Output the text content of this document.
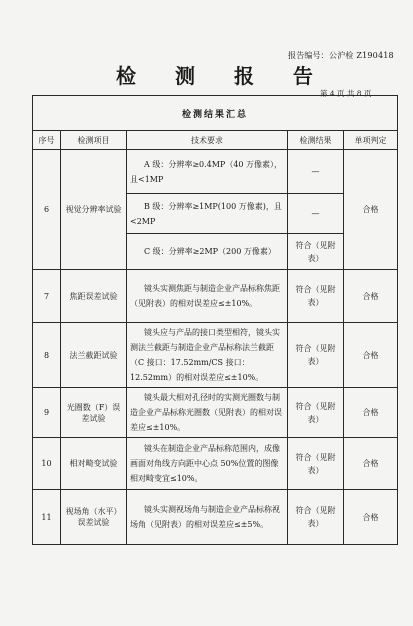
报告编号：公沪检 Z190418
检 测 报 告
第 4 页 共 8 页
检测结果汇总				
序号	检测项目	技术要求	检测结果	单项判定
6	视觉分辨率试验	A 级：分辨率≥0.4MP（40 万像素），且<1MP	—	合格
		B 级：分辨率≥1MP(100 万像素)，且<2MP	—	
		C 级：分辨率≥2MP（200 万像素）	符合（见附表）	
7	焦距误差试验	镜头实测焦距与制造企业产品标称焦距（见附表）的相对误差应≤±10%。	符合（见附表）	合格
8	法兰截距试验	镜头应与产品的接口类型相符，镜头实测法兰截距与制造企业产品标称法兰截距（C 接口：17.52mm/CS 接口：12.52mm）的相对误差应≤±10%。	符合（见附表）	合格
9	光圈数（F）误差试验	镜头最大相对孔径时的实测光圈数与制造企业产品标称光圈数（见附表）的相对误差应≤±10%。	符合（见附表）	合格
10	相对畸变试验	镜头在制造企业产品标称范围内，成像画面对角线方向距中心点 50%位置的图像相对畸变宜≤10%。	符合（见附表）	合格
11	视场角（水平）误差试验	镜头实测视场角与制造企业产品标称视场角（见附表）的相对误差应≤±5%。	符合（见附表）	合格
